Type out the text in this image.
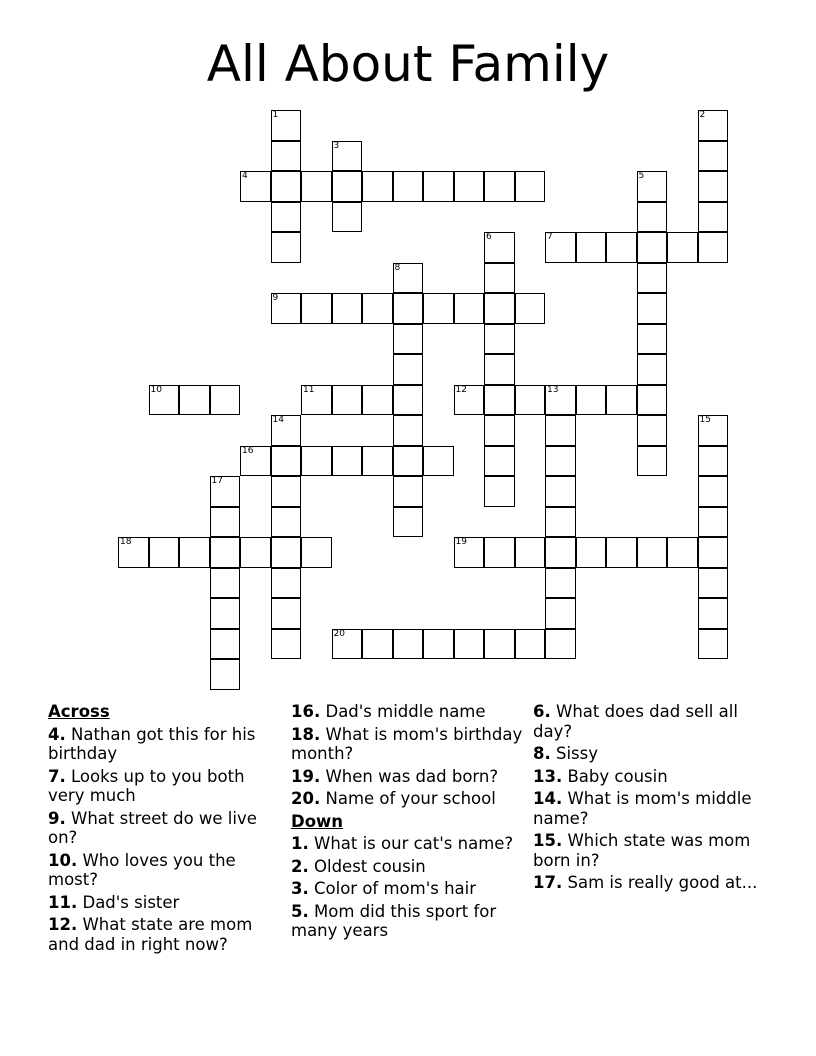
All About Family
1	2
3
4	5
6	7
8
9
10	11	12	13
14	15
16
17
18	19
20
Across
4. Nathan got this for his birthday
7. Looks up to you both very much
9. What street do we live on?
10. Who loves you the most?
11. Dad's sister
12. What state are mom and dad in right now?
16. Dad's middle name
18. What is mom's birthday month?
19. When was dad born?
20. Name of your school
Down
1. What is our cat's name?
2. Oldest cousin
3. Color of mom's hair
5. Mom did this sport for many years
6. What does dad sell all day?
8. Sissy
13. Baby cousin
14. What is mom's middle name?
15. Which state was mom born in?
17. Sam is really good at...
